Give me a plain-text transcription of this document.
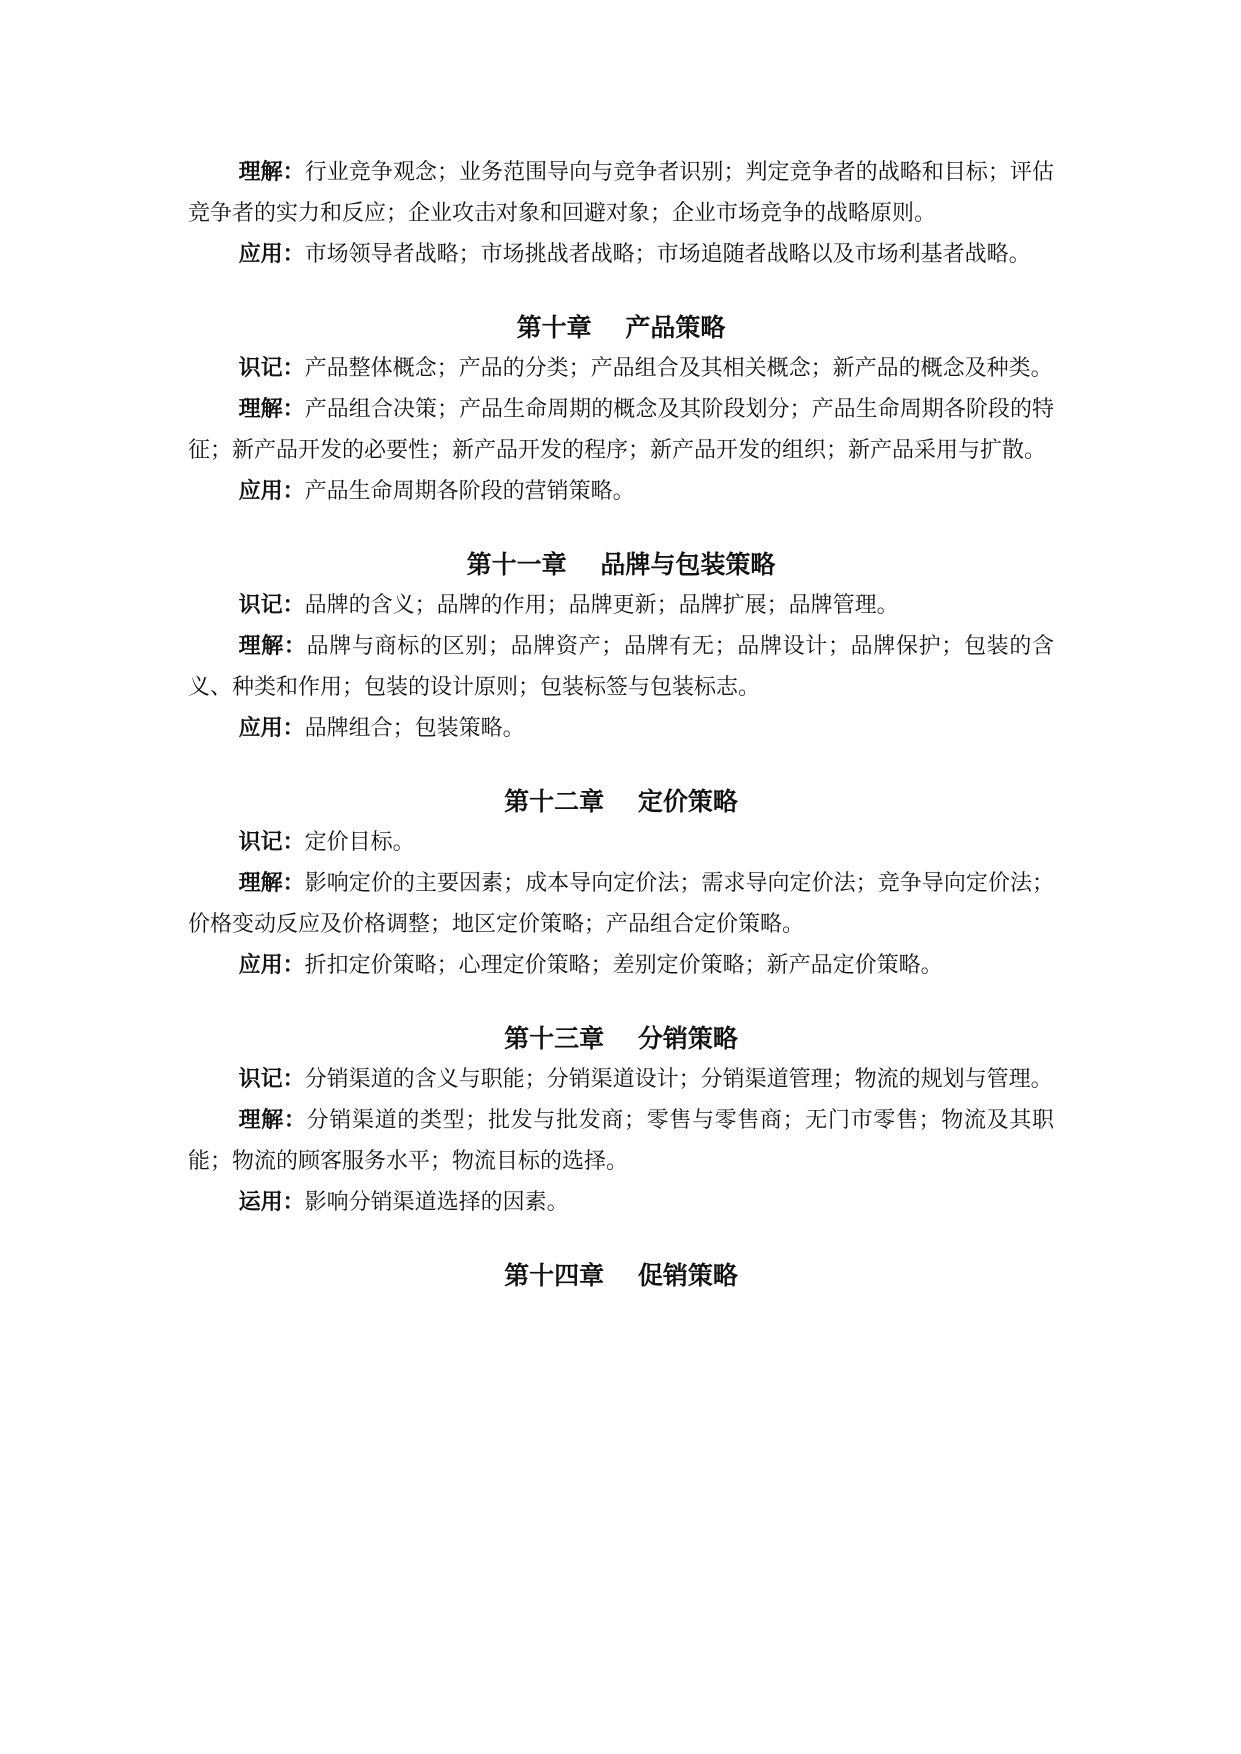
理解：行业竞争观念；业务范围导向与竞争者识别；判定竞争者的战略和目标；评估竞争者的实力和反应；企业攻击对象和回避对象；企业市场竞争的战略原则。

应用：市场领导者战略；市场挑战者战略；市场追随者战略以及市场利基者战略。

第十章　 产品策略

识记：产品整体概念；产品的分类；产品组合及其相关概念；新产品的概念及种类。

理解：产品组合决策；产品生命周期的概念及其阶段划分；产品生命周期各阶段的特征；新产品开发的必要性；新产品开发的程序；新产品开发的组织；新产品采用与扩散。

应用：产品生命周期各阶段的营销策略。

第十一章　 品牌与包装策略

识记：品牌的含义；品牌的作用；品牌更新；品牌扩展；品牌管理。

理解：品牌与商标的区别；品牌资产；品牌有无；品牌设计；品牌保护；包装的含义、种类和作用；包装的设计原则；包装标签与包装标志。

应用：品牌组合；包装策略。

第十二章　 定价策略

识记：定价目标。

理解：影响定价的主要因素；成本导向定价法；需求导向定价法；竞争导向定价法；价格变动反应及价格调整；地区定价策略；产品组合定价策略。

应用：折扣定价策略；心理定价策略；差别定价策略；新产品定价策略。

第十三章　 分销策略

识记：分销渠道的含义与职能；分销渠道设计；分销渠道管理；物流的规划与管理。

理解：分销渠道的类型；批发与批发商；零售与零售商；无门市零售；物流及其职能；物流的顾客服务水平；物流目标的选择。

运用：影响分销渠道选择的因素。

第十四章　 促销策略
